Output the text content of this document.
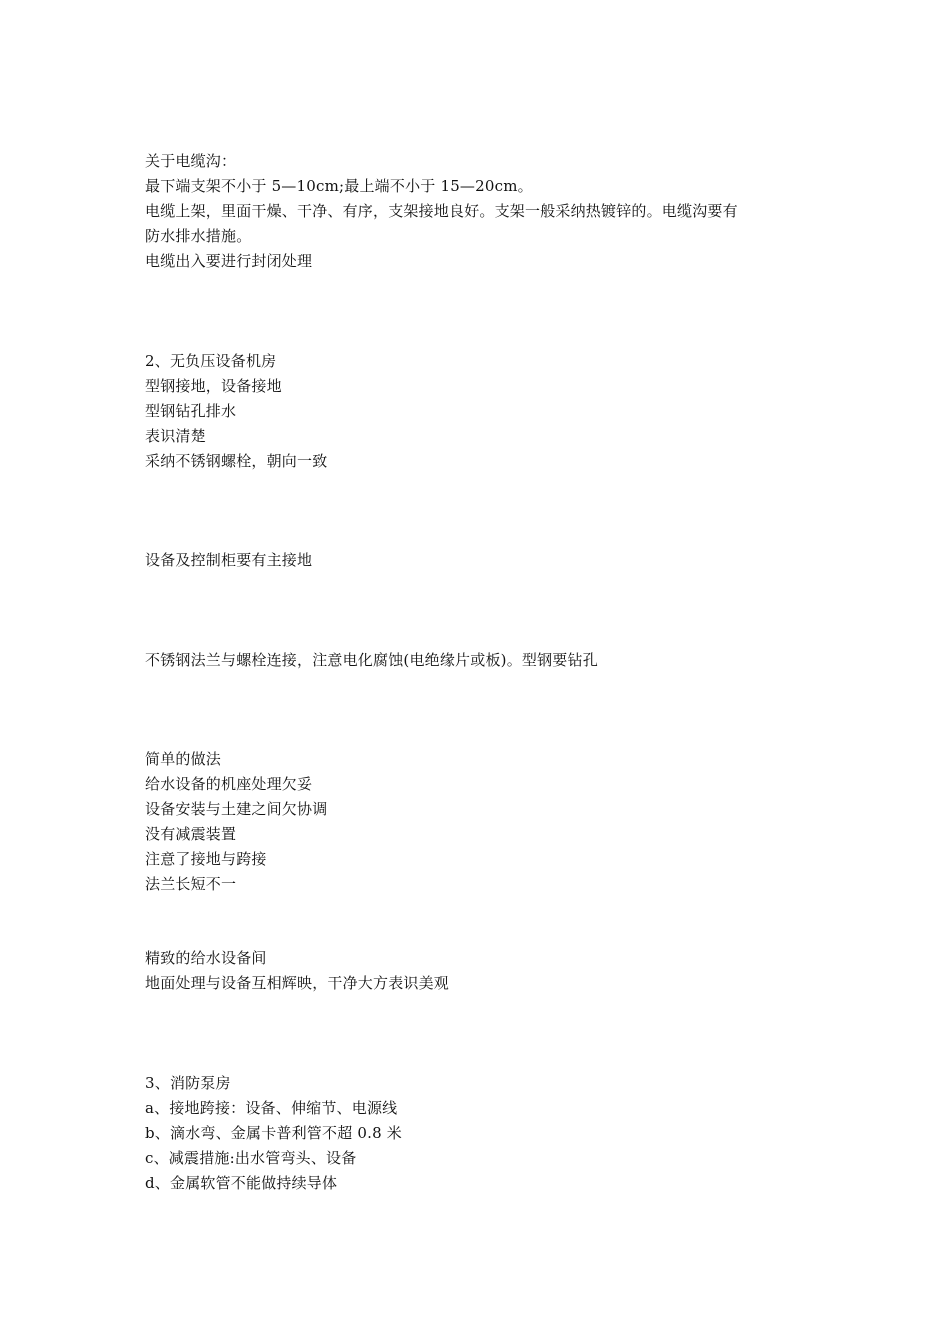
关于电缆沟：
最下端支架不小于 5—10cm;最上端不小于 15—20cm。
电缆上架，里面干燥、干净、有序，支架接地良好。支架一般采纳热镀锌的。电缆沟要有
防水排水措施。
电缆出入要进行封闭处理
2、无负压设备机房
型钢接地，设备接地
型钢钻孔排水
表识清楚
采纳不锈钢螺栓，朝向一致
设备及控制柜要有主接地
不锈钢法兰与螺栓连接，注意电化腐蚀(电绝缘片或板)。型钢要钻孔
简单的做法
给水设备的机座处理欠妥
设备安装与土建之间欠协调
没有减震装置
注意了接地与跨接
法兰长短不一
精致的给水设备间
地面处理与设备互相辉映，干净大方表识美观
3、消防泵房
a、接地跨接：设备、伸缩节、电源线
b、滴水弯、金属卡普利管不超 0.8 米
c、减震措施:出水管弯头、设备
d、金属软管不能做持续导体
